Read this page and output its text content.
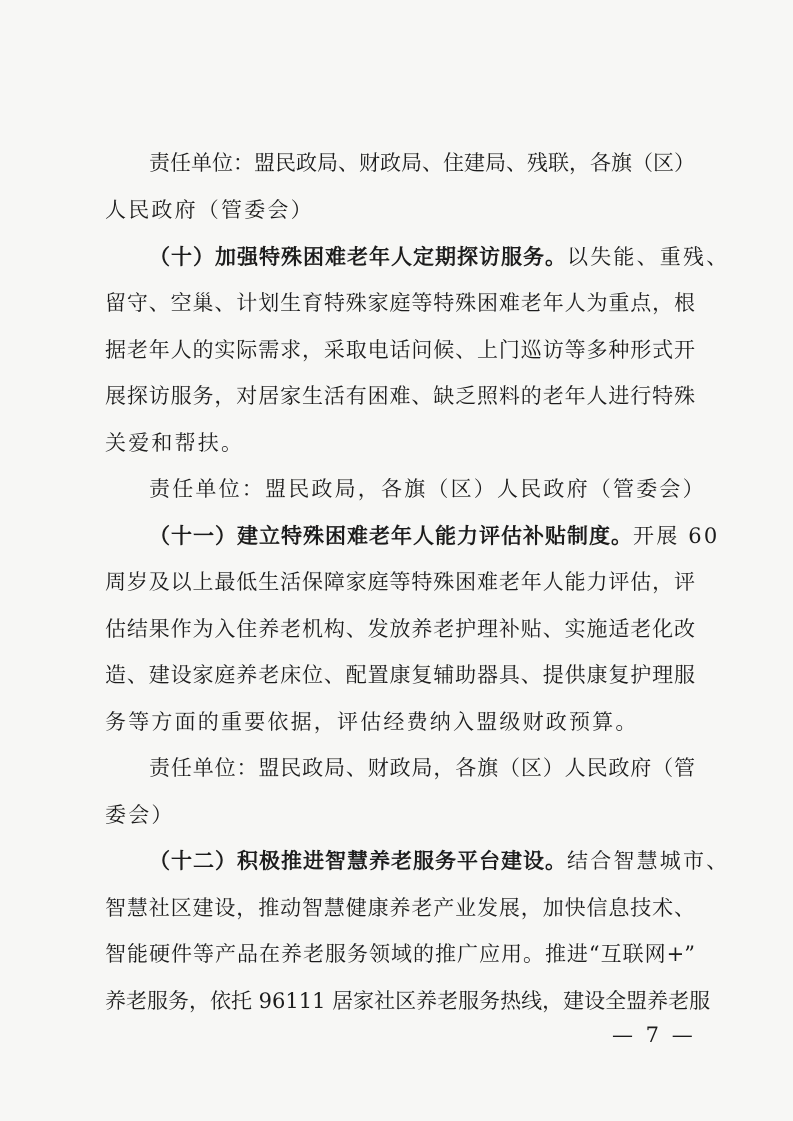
责任单位：盟民政局、财政局、住建局、残联，各旗（区）
人民政府（管委会）
（十）加强特殊困难老年人定期探访服务。以失能、重残、
留守、空巢、计划生育特殊家庭等特殊困难老年人为重点，根
据老年人的实际需求，采取电话问候、上门巡访等多种形式开
展探访服务，对居家生活有困难、缺乏照料的老年人进行特殊
关爱和帮扶。
责任单位：盟民政局，各旗（区）人民政府（管委会）
（十一）建立特殊困难老年人能力评估补贴制度。开展 60
周岁及以上最低生活保障家庭等特殊困难老年人能力评估，评
估结果作为入住养老机构、发放养老护理补贴、实施适老化改
造、建设家庭养老床位、配置康复辅助器具、提供康复护理服
务等方面的重要依据，评估经费纳入盟级财政预算。
责任单位：盟民政局、财政局，各旗（区）人民政府（管
委会）
（十二）积极推进智慧养老服务平台建设。结合智慧城市、
智慧社区建设，推动智慧健康养老产业发展，加快信息技术、
智能硬件等产品在养老服务领域的推广应用。推进“互联网+”
养老服务，依托 96111 居家社区养老服务热线，建设全盟养老服
— 7 —
